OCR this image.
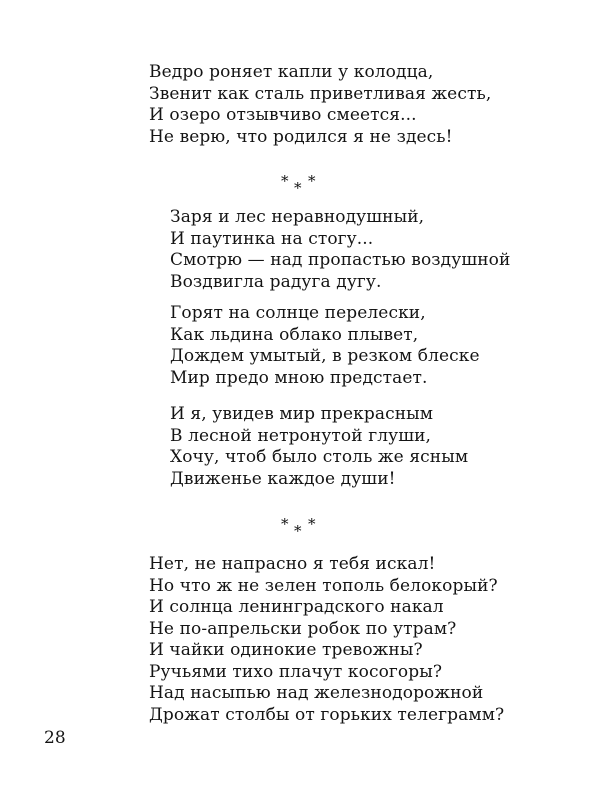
Ведро роняет капли у колодца,
Звенит как сталь приветливая жесть,
И озеро отзывчиво смеется...
Не верю, что родился я не здесь!
* * *
Заря и лес неравнодушный,
И паутинка на стогу...
Смотрю — над пропастью воздушной
Воздвигла радуга дугу.
Горят на солнце перелески,
Как льдина облако плывет,
Дождем умытый, в резком блеске
Мир предо мною предстает.
И я, увидев мир прекрасным
В лесной нетронутой глуши,
Хочу, чтоб было столь же ясным
Движенье каждое души!
* * *
Нет, не напрасно я тебя искал!
Но что ж не зелен тополь белокорый?
И солнца ленинградского накал
Не по-апрельски робок по утрам?
И чайки одинокие тревожны?
Ручьями тихо плачут косогоры?
Над насыпью над железнодорожной
Дрожат столбы от горьких телеграмм?
28
